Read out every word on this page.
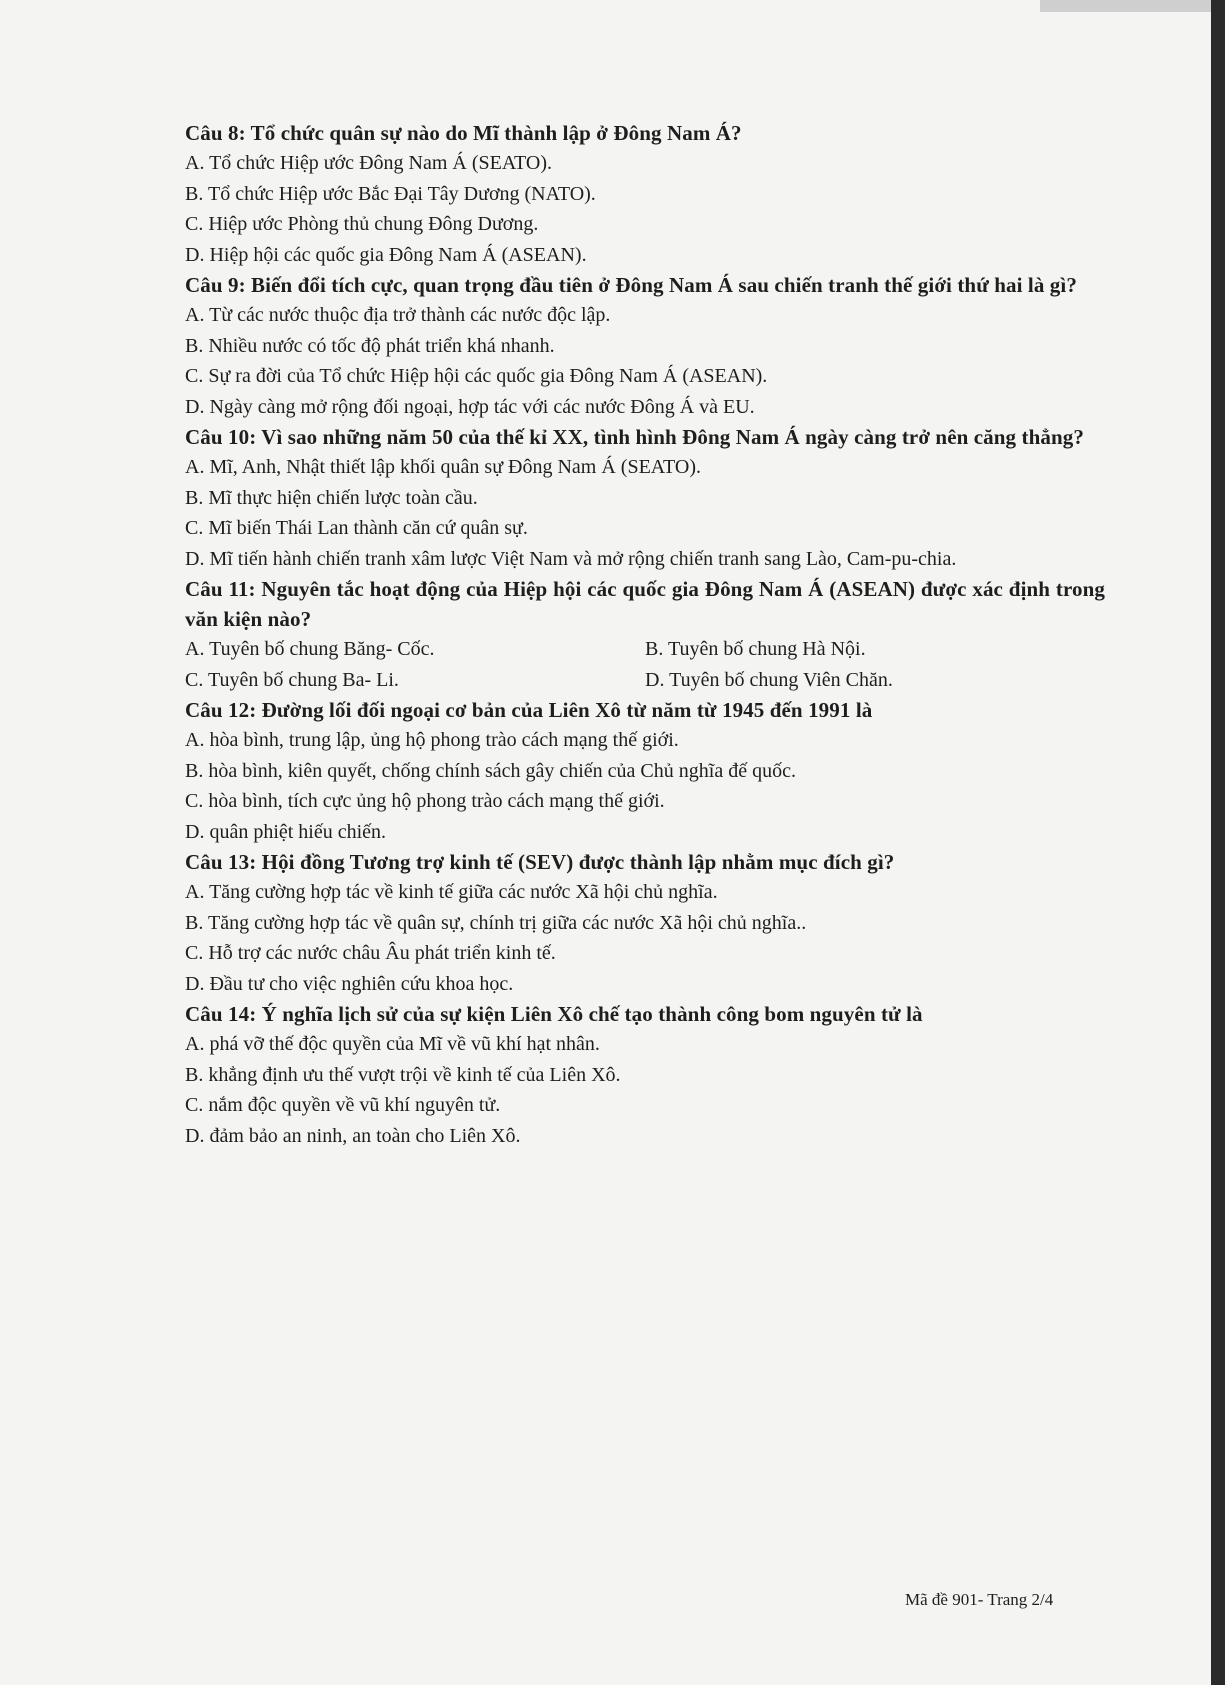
Câu 8: Tổ chức quân sự nào do Mĩ thành lập ở Đông Nam Á?

A. Tổ chức Hiệp ước Đông Nam Á (SEATO).

B. Tổ chức Hiệp ước Bắc Đại Tây Dương (NATO).

C. Hiệp ước Phòng thủ chung Đông Dương.

D. Hiệp hội các quốc gia Đông Nam Á (ASEAN).

Câu 9: Biến đổi tích cực, quan trọng đầu tiên ở Đông Nam Á sau chiến tranh thế giới thứ hai là gì?

A. Từ các nước thuộc địa trở thành các nước độc lập.

B. Nhiều nước có tốc độ phát triển khá nhanh.

C. Sự ra đời của Tổ chức Hiệp hội các quốc gia Đông Nam Á (ASEAN).

D. Ngày càng mở rộng đối ngoại, hợp tác với các nước Đông Á và EU.

Câu 10: Vì sao những năm 50 của thế kỉ XX, tình hình Đông Nam Á ngày càng trở nên căng thẳng?

A. Mĩ, Anh, Nhật thiết lập khối quân sự Đông Nam Á (SEATO).

B. Mĩ thực hiện chiến lược toàn cầu.

C. Mĩ biến Thái Lan thành căn cứ quân sự.

D. Mĩ tiến hành chiến tranh xâm lược Việt Nam và mở rộng chiến tranh sang Lào, Cam-pu-chia.

Câu 11: Nguyên tắc hoạt động của Hiệp hội các quốc gia Đông Nam Á (ASEAN) được xác định trong văn kiện nào?

A. Tuyên bố chung Băng- Cốc.	B. Tuyên bố chung Hà Nội.

C. Tuyên bố chung Ba- Li.	D. Tuyên bố chung Viên Chăn.

Câu 12: Đường lối đối ngoại cơ bản của Liên Xô từ năm từ 1945 đến 1991 là

A. hòa bình, trung lập, ủng hộ phong trào cách mạng thế giới.

B. hòa bình, kiên quyết, chống chính sách gây chiến của Chủ nghĩa đế quốc.

C. hòa bình, tích cực ủng hộ phong trào cách mạng thế giới.

D. quân phiệt hiếu chiến.

Câu 13: Hội đồng Tương trợ kinh tế (SEV) được thành lập nhằm mục đích gì?

A. Tăng cường hợp tác về kinh tế giữa các nước Xã hội chủ nghĩa.

B. Tăng cường hợp tác về quân sự, chính trị giữa các nước Xã hội chủ nghĩa..

C. Hỗ trợ các nước châu Âu phát triển kinh tế.

D. Đầu tư cho việc nghiên cứu khoa học.

Câu 14: Ý nghĩa lịch sử của sự kiện Liên Xô chế tạo thành công bom nguyên tử là

A. phá vỡ thế độc quyền của Mĩ về vũ khí hạt nhân.

B. khẳng định ưu thế vượt trội về kinh tế của Liên Xô.

C. nắm độc quyền về vũ khí nguyên tử.

D. đảm bảo an ninh, an toàn cho Liên Xô.

Mã đề 901- Trang 2/4
